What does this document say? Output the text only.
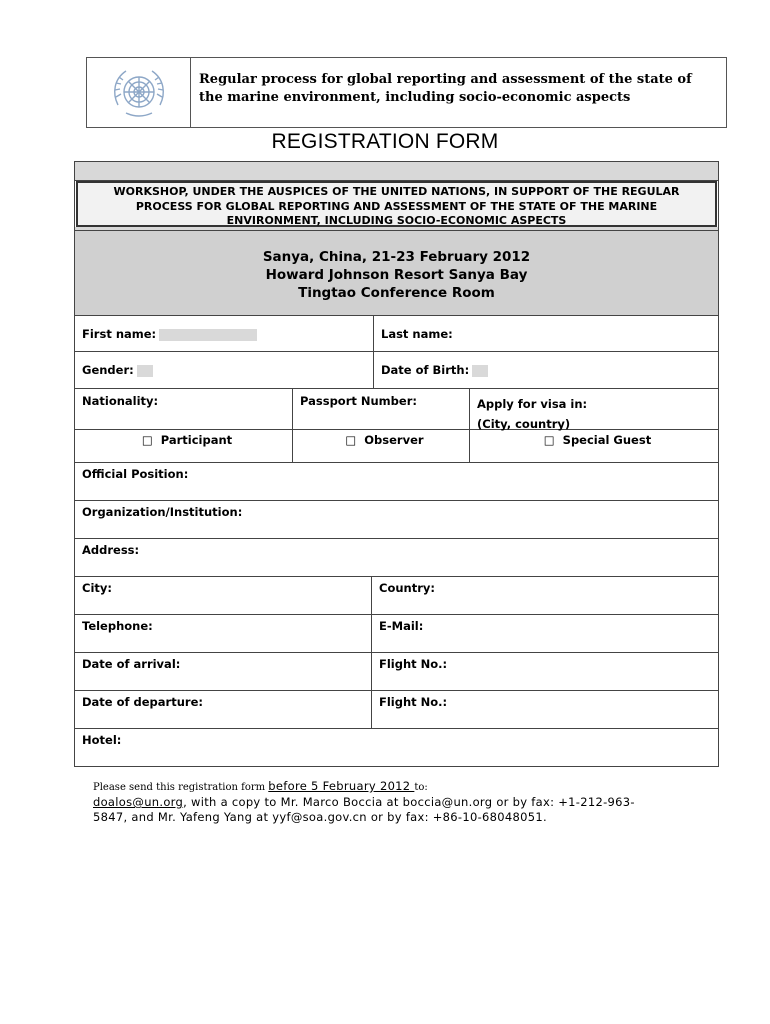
Regular process for global reporting and assessment of the state of
the marine environment, including socio-economic aspects
REGISTRATION FORM
WORKSHOP, UNDER THE AUSPICES OF THE UNITED NATIONS, IN SUPPORT OF THE REGULAR
PROCESS FOR GLOBAL REPORTING AND ASSESSMENT OF THE STATE OF THE MARINE
ENVIRONMENT, INCLUDING SOCIO-ECONOMIC ASPECTS
Sanya, China, 21-23 February 2012
Howard Johnson Resort Sanya Bay
Tingtao Conference Room
First name:	Last name:
Gender:	Date of Birth:
Nationality:	Passport Number:	Apply for visa in:
(City, country)
□ Participant	□ Observer	□ Special Guest
Official Position:
Organization/Institution:
Address:
City:	Country:
Telephone:	E-Mail:
Date of arrival:	Flight No.:
Date of departure:	Flight No.:
Hotel:
Please send this registration form before 5 February 2012 to:
doalos@un.org, with a copy to Mr. Marco Boccia at boccia@un.org or by fax: +1-212-963-
5847, and Mr. Yafeng Yang at yyf@soa.gov.cn or by fax: +86-10-68048051.
